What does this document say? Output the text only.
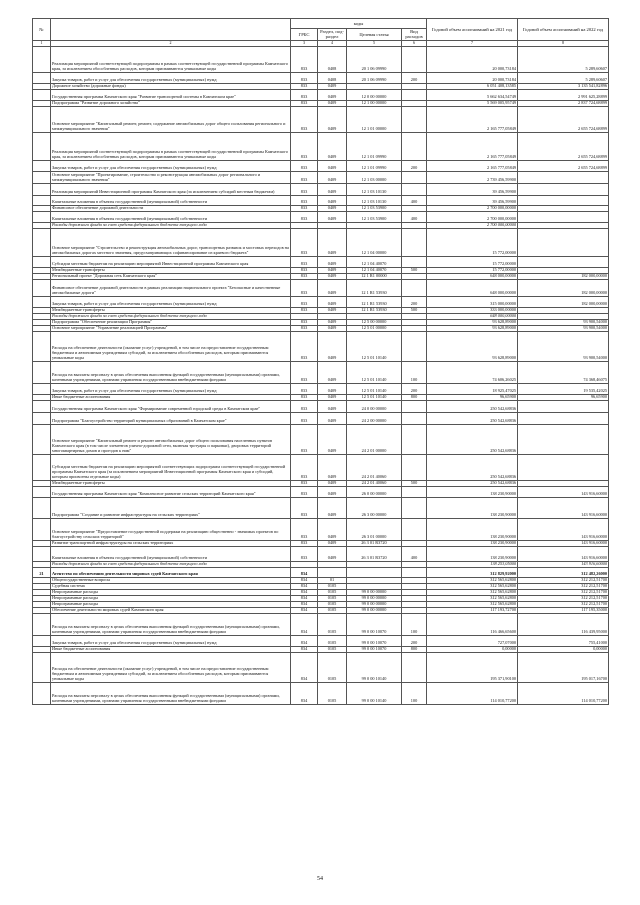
№		коды				Годовой объем ассигнований на 2021 год	Годовой объем ассигнований на 2022 год
		ГРБС	Раздел, под-раздел	Целевая статья	Вид расходов		
1	2	3	4	5	6	7	8
	Реализация мероприятий соответствующей подпрограммы в рамках соответствующей государственной программы Камчатского края, за исключением обособленных расходов, которым присваиваются уникальные коды	833	0408	20 1 06 09990		20 000,73184	5 289,60607
	Закупка товаров, работ и услуг для обеспечения государственных (муниципальных) нужд	833	0408	20 1 06 09990	200	20 000,73184	5 289,60607
	Дорожное хозяйство (дорожные фонды)	833	0409			6 051 408,13585	3 135 541,82896
	Государственная программа Камчатского края "Развитие транспортной системы в Камчатском крае"	833	0409	12 0 00 00000		5 662 634,54749	2 991 625,28899
	Подпрограмма "Развитие дорожного хозяйства"	833	0409	12 1 00 00000		5 569 005,95749	2 837 724,68899
	Основное мероприятие "Капитальный ремонт, ремонт, содержание автомобильных дорог общего пользования регионального и межмуниципального значения"	833	0409	12 1 01 00000		2 165 777,05849	2 655 724,68899
	Реализация мероприятий соответствующей подпрограммы в рамках соответствующей государственной программы Камчатского края, за исключением обособленных расходов, которым присваиваются уникальные коды	833	0409	12 1 01 09990		2 165 777,05849	2 655 724,68899
	Закупка товаров, работ и услуг для обеспечения государственных (муниципальных) нужд	833	0409	12 1 01 09990	200	2 165 777,05849	2 655 724,68899
	Основное мероприятие "Проектирование, строительство и реконструкция автомобильных дорог регионального и межмуниципального значения"	833	0409	12 1 03 00000		2 739 456,59900	
	Реализация мероприятий Инвестиционной программы Камчатского края (за исключением субсидий местным бюджетам)	833	0409	12 1 03 10130		39 456,59900	
	Капитальные вложения в объекты государственной (муниципальной) собственности	833	0409	12 1 03 10130	400	39 456,59900	
	Финансовое обеспечение дорожной деятельности	833	0409	12 1 03 53900		2 700 000,00000	
	Капитальные вложения в объекты государственной (муниципальной) собственности	833	0409	12 1 03 53900	400	2 700 000,00000	
	Расходы дорожного фонда за счет средств федерального бюджета текущего года					2 700 000,00000	
	Основное мероприятие "Строительство и реконструкция автомобильных дорог, транспортных развязок и мостовых переходов на автомобильных дорогах местного значения, предусматривающих софинансирование из краевого бюджета"	833	0409	12 1 04 00000		15 772,00000	
	Субсидии местным бюджетам на реализацию мероприятий Инвестиционной программы Камчатского края	833	0409	12 1 04 40070		15 772,00000	
	Межбюджетные трансферты	833	0409	12 1 04 40070	500	15 772,00000	
	Региональный проект "Дорожная сеть Камчатского края"	833	0409	12 1 R1 00000		648 000,00000	182 000,00000
	Финансовое обеспечение дорожной деятельности в рамках реализации национального проекта "Безопасные и качественные автомобильные дороги"	833	0409	12 1 R1 53930		648 000,00000	182 000,00000
	Закупка товаров, работ и услуг для обеспечения государственных (муниципальных) нужд	833	0409	12 1 R1 53930	200	315 000,00000	182 000,00000
	Межбюджетные трансферты	833	0409	12 1 R1 53930	500	333 000,00000	
	Расходы дорожного фонда за счет средств федерального бюджета текущего года					648 000,00000	
	Подпрограмма "Обеспечение реализации Программы"	833	0409	12 5 00 00000		93 628,89000	93 900,54000
	Основное мероприятие "Управление реализацией Программы"	833	0409	12 5 01 00000		93 628,89000	93 900,54000
	Расходы на обеспечение деятельности (оказание услуг) учреждений, в том числе на предоставление государственным бюджетным и автономным учреждениям субсидий, за исключением обособленных расходов, которым присваиваются уникальные коды	833	0409	12 5 01 10140		93 628,89000	93 900,54000
	Расходы на выплаты персоналу в целях обеспечения выполнения функций государственными (муниципальными) органами, казенными учреждениями, органами управления государственными внебюджетными фондами	833	0409	12 5 01 10140	100	74 606,26025	74 368,46075
	Закупка товаров, работ и услуг для обеспечения государственных (муниципальных) нужд	833	0409	12 5 01 10140	200	18 925,47025	19 535,42025
	Иные бюджетные ассигнования	833	0409	12 5 01 10140	800	96,65900	96,65900
	Государственная программа Камчатского края "Формирование современной городской среды в Камчатском крае"	833	0409	24 0 00 00000		250 542,68836	
	Подпрограмма "Благоустройство территорий муниципальных образований в Камчатском крае"	833	0409	24 2 00 00000		250 542,68836	
	Основное мероприятие "Капитальный ремонт и ремонт автомобильных дорог общего пользования населенных пунктов Камчатского края (в том числе элементов улично-дорожной сети, включая тротуары и парковки), дворовых территорий многоквартирных домов и проездов к ним"	833	0409	24 2 01 00000		250 542,68836	
	Субсидии местным бюджетам на реализацию мероприятий соответствующих подпрограмм соответствующей государственной программы Камчатского края (за исключением мероприятий Инвестиционной программы Камчатского края и субсидий, которым присвоены отдельные коды)	833	0409	24 2 01 40060		250 542,68836	
	Межбюджетные трансферты	833	0409	24 2 01 40060	500	250 542,68836	
	Государственная программа Камчатского края "Комплексное развитие сельских территорий Камчатского края"	833	0409	26 0 00 00000		138 230,90000	143 916,60000
	Подпрограмма "Создание и развитие инфраструктуры на сельских территориях"	833	0409	26 3 00 00000		138 230,90000	143 916,60000
	Основное мероприятие "Предоставление государственной поддержки на реализацию общественно - значимых проектов по благоустройству сельских территорий"	833	0409	26 3 01 00000		138 230,90000	143 916,60000
	Развитие транспортной инфраструктуры на сельских территориях	833	0409	26 3 01 R3720		138 230,90000	143 916,60000
	Капитальные вложения в объекты государственной (муниципальной) собственности	833	0409	26 3 01 R3720	400	138 230,90000	143 916,60000
	Расходы дорожного фонда за счет средств федерального бюджета текущего года					138 253,05000	143 916,60000
21	Агентство по обеспечению деятельности мировых судей Камчатского края	834				312 829,92000	312 482,26000
	Общегосударственные вопросы	834	01			312 565,62800	312 212,51700
	Судебная система	834	0105			312 565,62800	312 212,51700
	Непрограммные расходы	834	0105	99 0 00 00000		312 565,62800	312 212,51700
	Непрограммные расходы	834	0105	99 0 00 00000		312 565,62800	312 212,51700
	Непрограммные расходы	834	0105	99 0 00 00000		312 565,62800	312 212,51700
	Обеспечение деятельности мировых судей Камчатского края	834	0105	99 0 00 00000		117 193,72700	117 195,35000
	Расходы на выплаты персоналу в целях обеспечения выполнения функций государственными (муниципальными) органами, казенными учреждениями, органами управления государственными внебюджетными фондами	834	0105	99 0 00 10070	100	116 466,65600	116 439,95000
	Закупка товаров, работ и услуг для обеспечения государственных (муниципальных) нужд	834	0105	99 0 00 10070	200	727,07000	755,41000
	Иные бюджетные ассигнования	834	0105	99 0 00 10070	800	0,00000	0,00000
	Расходы на обеспечение деятельности (оказание услуг) учреждений, в том числе на предоставление государственным бюджетным и автономным учреждениям субсидий, за исключением обособленных расходов, которым присваиваются уникальные коды	834	0105	99 0 00 10140		195 371,90100	195 017,16700
	Расходы на выплаты персоналу в целях обеспечения выполнения функций государственными (муниципальными) органами, казенными учреждениями, органами управления государственными внебюджетными фондами	834	0105	99 0 00 10140	100	114 010,77200	114 010,77200
54
